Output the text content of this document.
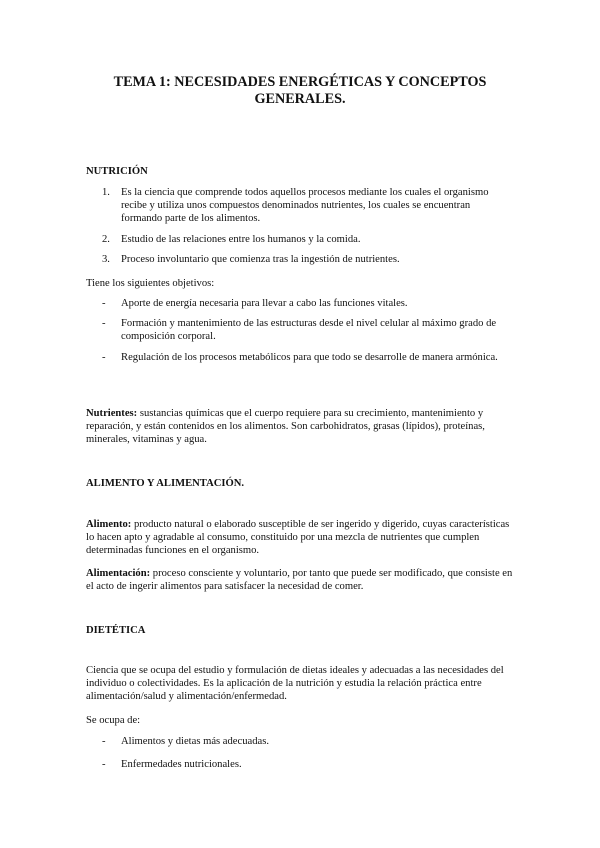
TEMA 1: NECESIDADES ENERGÉTICAS Y CONCEPTOS GENERALES.
NUTRICIÓN
1. Es la ciencia que comprende todos aquellos procesos mediante los cuales el organismo recibe y utiliza unos compuestos denominados nutrientes, los cuales se encuentran formando parte de los alimentos.
2. Estudio de las relaciones entre los humanos y la comida.
3. Proceso involuntario que comienza tras la ingestión de nutrientes.

Tiene los siguientes objetivos:

- Aporte de energía necesaria para llevar a cabo las funciones vitales.
- Formación y mantenimiento de las estructuras desde el nivel celular al máximo grado de composición corporal.
- Regulación de los procesos metabólicos para que todo se desarrolle de manera armónica.

Nutrientes: sustancias químicas que el cuerpo requiere para su crecimiento, mantenimiento y reparación, y están contenidos en los alimentos. Son carbohidratos, grasas (lípidos), proteínas, minerales, vitaminas y agua.

ALIMENTO Y ALIMENTACIÓN.

Alimento: producto natural o elaborado susceptible de ser ingerido y digerido, cuyas características lo hacen apto y agradable al consumo, constituido por una mezcla de nutrientes que cumplen determinadas funciones en el organismo.

Alimentación: proceso consciente y voluntario, por tanto que puede ser modificado, que consiste en el acto de ingerir alimentos para satisfacer la necesidad de comer.

DIETÉTICA

Ciencia que se ocupa del estudio y formulación de dietas ideales y adecuadas a las necesidades del individuo o colectividades. Es la aplicación de la nutrición y estudia la relación práctica entre alimentación/salud y alimentación/enfermedad.

Se ocupa de:

- Alimentos y dietas más adecuadas.
- Enfermedades nutricionales.
